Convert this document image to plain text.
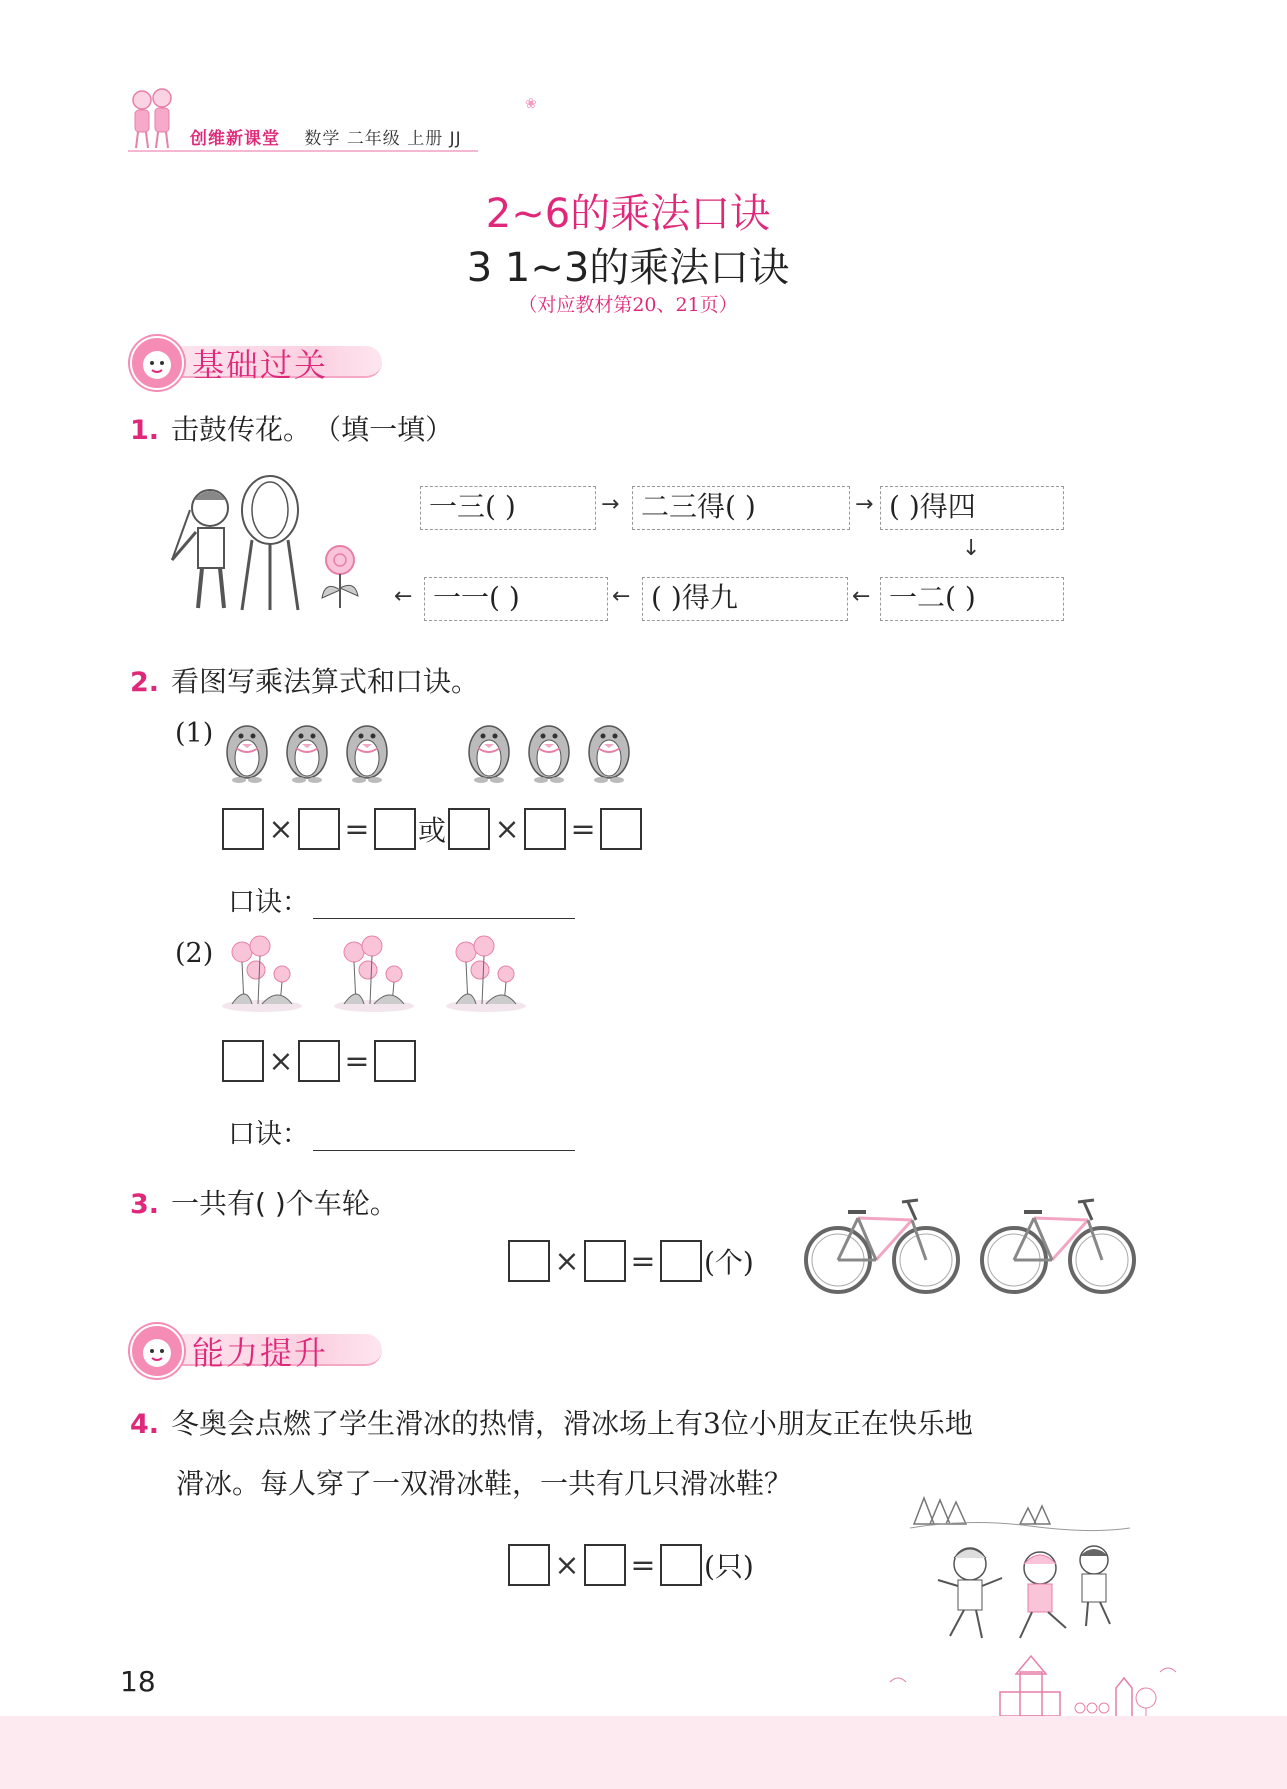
创维新课堂 数学 二年级 上册 JJ
❀
2~6的乘法口诀
3 1~3的乘法口诀
（对应教材第20、21页）
基础过关
1. 击鼓传花。 （填一填）
一三( )	→ 二三得( )	→ ( )得四
↓
一二( )
←
( )得九
←
一一( )
←
2. 看图写乘法算式和口诀。
(1)
× = 或 × =
口诀：
(2)
× =
口诀：
3. 一共有( )个车轮。
× = (个)
能力提升
4. 冬奥会点燃了学生滑冰的热情，滑冰场上有3位小朋友正在快乐地
滑冰。每人穿了一双滑冰鞋，一共有几只滑冰鞋？
× = (只)
18
